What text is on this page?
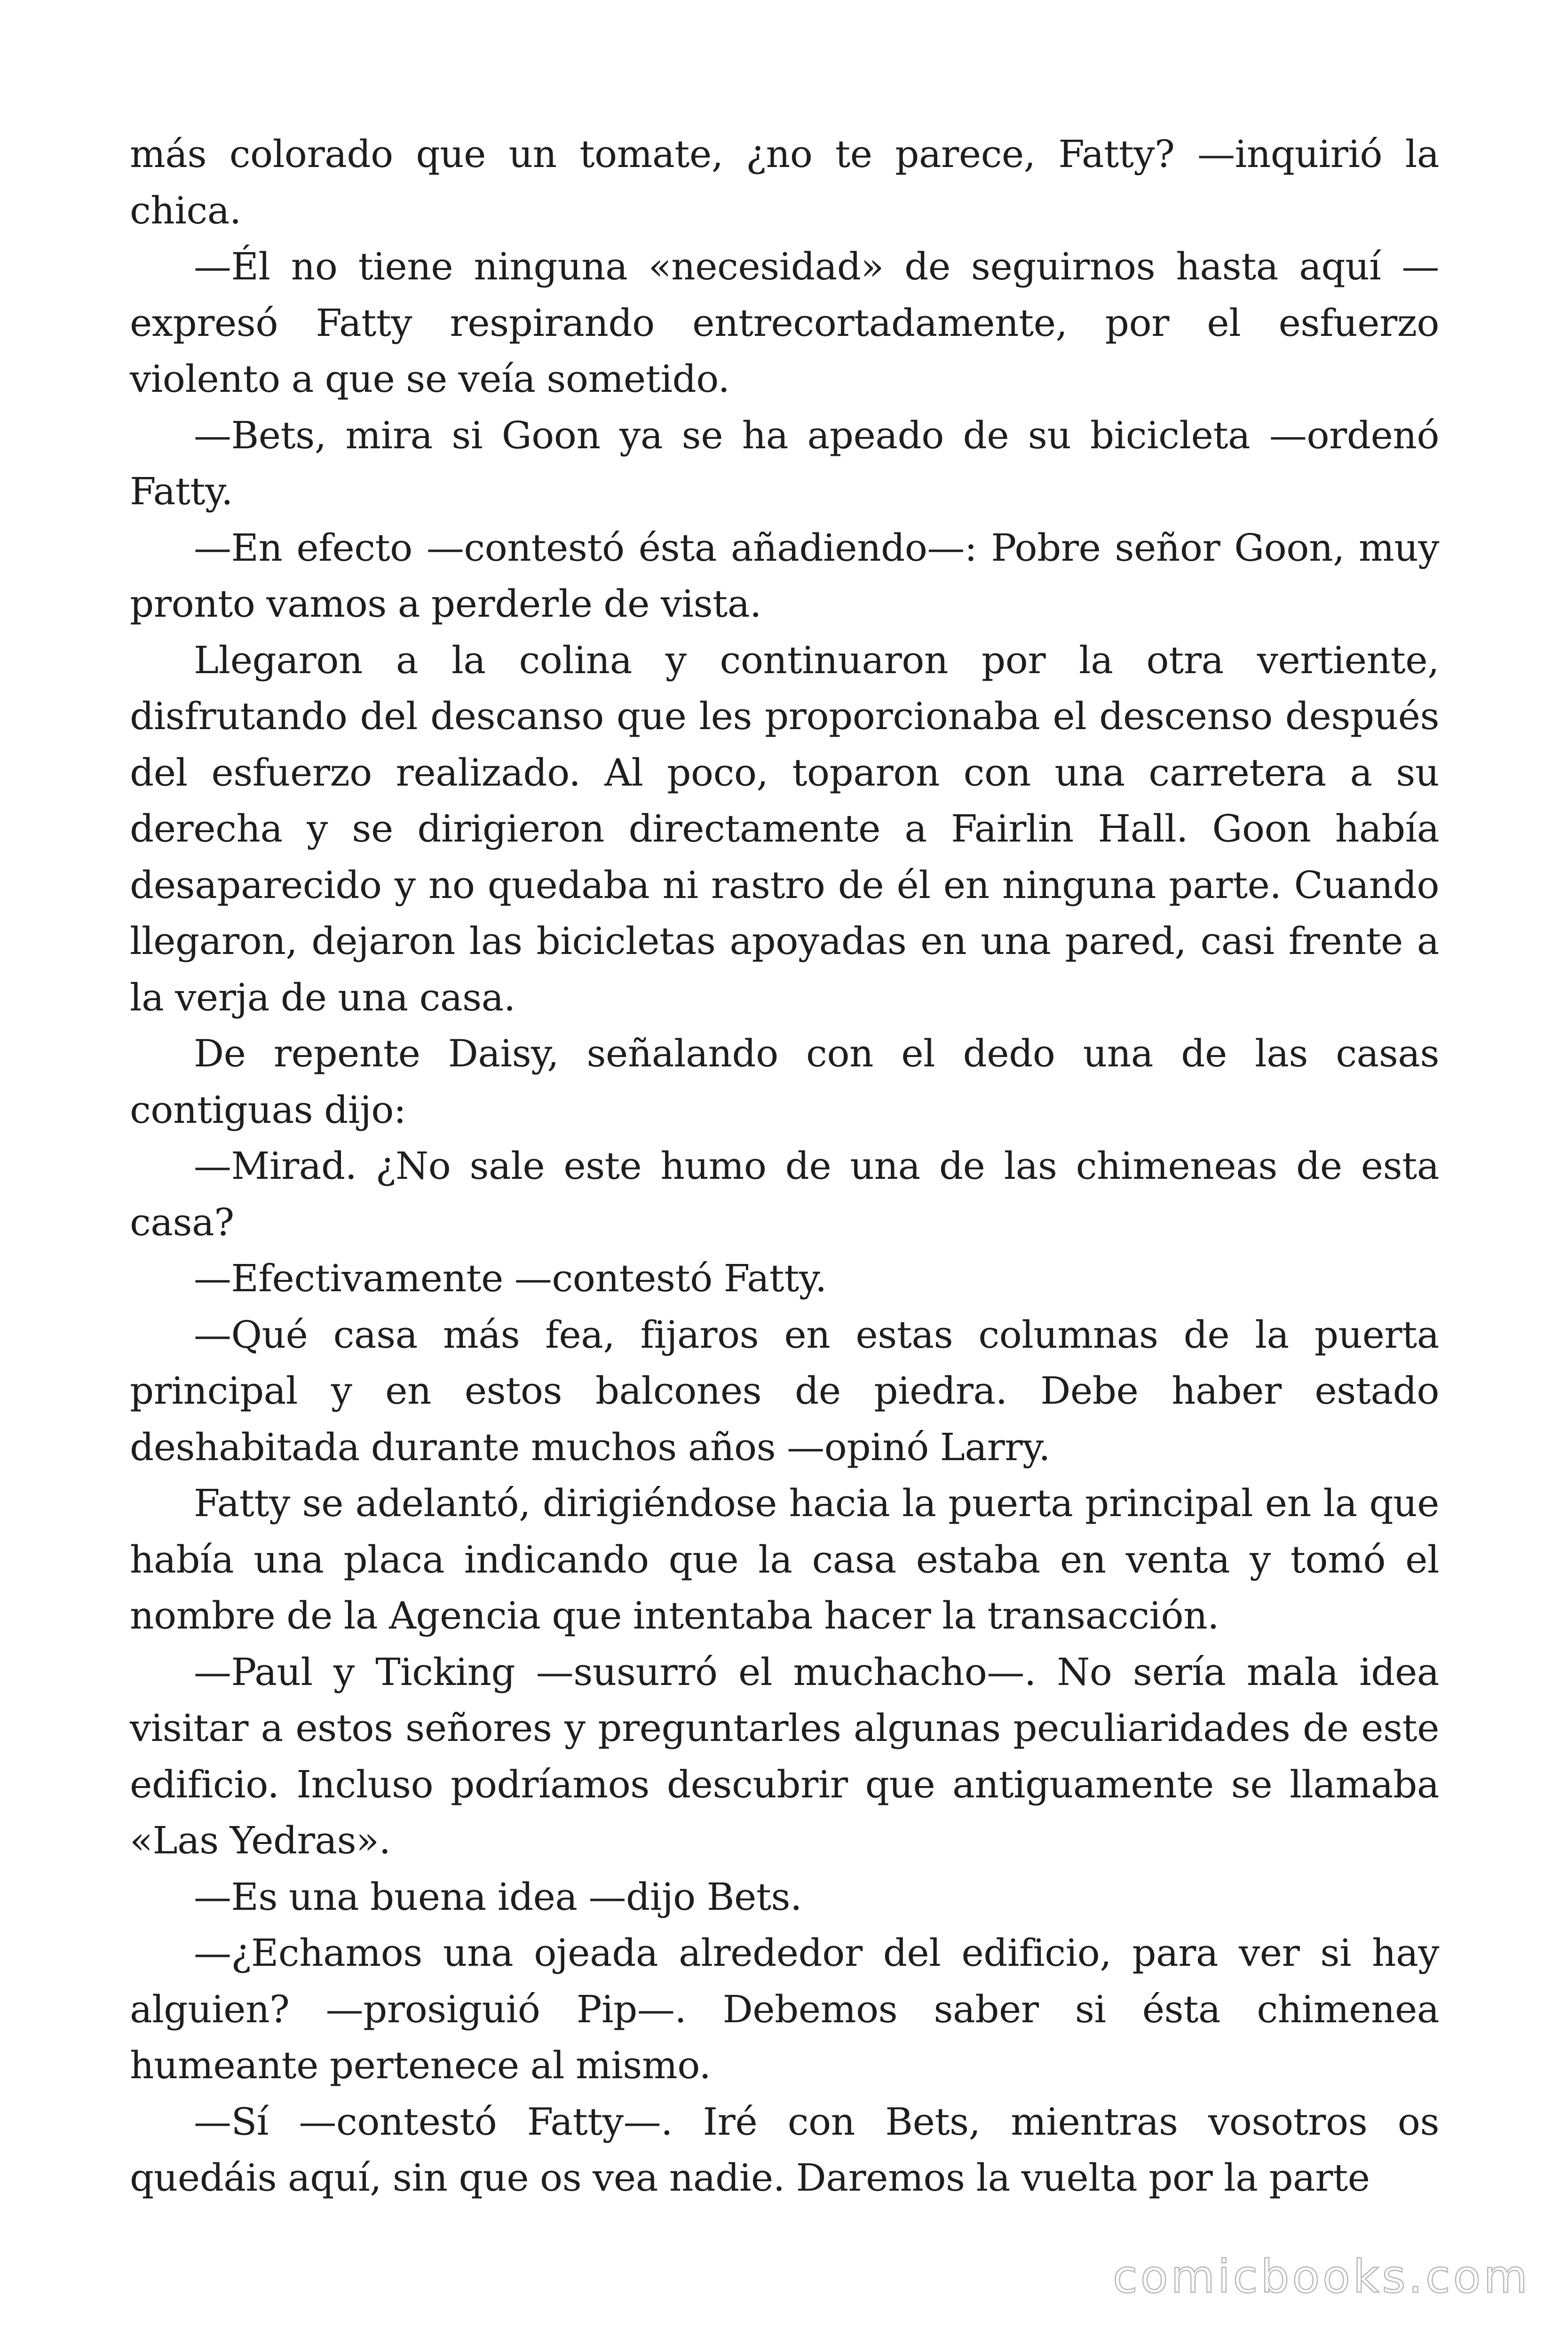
más colorado que un tomate, ¿no te parece, Fatty? —inquirió la chica.

—Él no tiene ninguna «necesidad» de seguirnos hasta aquí —expresó Fatty respirando entrecortadamente, por el esfuerzo violento a que se veía sometido.

—Bets, mira si Goon ya se ha apeado de su bicicleta —ordenó Fatty.

—En efecto —contestó ésta añadiendo—: Pobre señor Goon, muy pronto vamos a perderle de vista.

Llegaron a la colina y continuaron por la otra vertiente, disfrutando del descanso que les proporcionaba el descenso después del esfuerzo realizado. Al poco, toparon con una carretera a su derecha y se dirigieron directamente a Fairlin Hall. Goon había desaparecido y no quedaba ni rastro de él en ninguna parte. Cuando llegaron, dejaron las bicicletas apoyadas en una pared, casi frente a la verja de una casa.

De repente Daisy, señalando con el dedo una de las casas contiguas dijo:

—Mirad. ¿No sale este humo de una de las chimeneas de esta casa?

—Efectivamente —contestó Fatty.

—Qué casa más fea, fijaros en estas columnas de la puerta principal y en estos balcones de piedra. Debe haber estado deshabitada durante muchos años —opinó Larry.

Fatty se adelantó, dirigiéndose hacia la puerta principal en la que había una placa indicando que la casa estaba en venta y tomó el nombre de la Agencia que intentaba hacer la transacción.

—Paul y Ticking —susurró el muchacho—. No sería mala idea visitar a estos señores y preguntarles algunas peculiaridades de este edificio. Incluso podríamos descubrir que antiguamente se llamaba «Las Yedras».

—Es una buena idea —dijo Bets.

—¿Echamos una ojeada alrededor del edificio, para ver si hay alguien? —prosiguió Pip—. Debemos saber si ésta chimenea humeante pertenece al mismo.

—Sí —contestó Fatty—. Iré con Bets, mientras vosotros os quedáis aquí, sin que os vea nadie. Daremos la vuelta por la parte

comicbooks.com
